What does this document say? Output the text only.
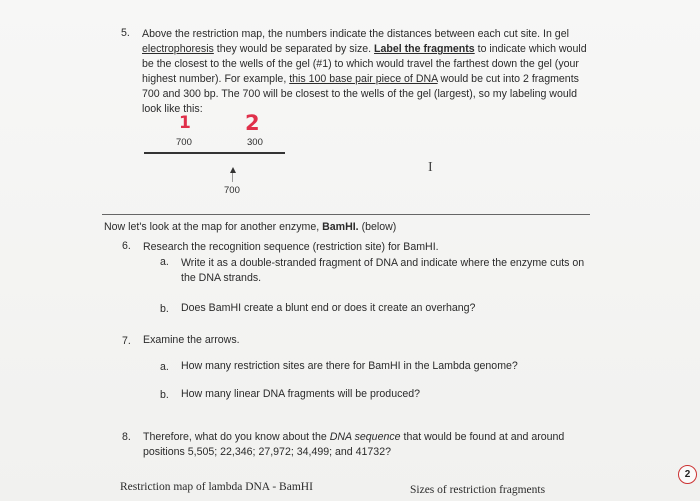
5. Above the restriction map, the numbers indicate the distances between each cut site. In gel
electrophoresis they would be separated by size. Label the fragments to indicate which would
be the closest to the wells of the gel (#1) to which would travel the farthest down the gel (your
highest number). For example, this 100 base pair piece of DNA would be cut into 2 fragments
700 and 300 bp. The 700 will be closest to the wells of the gel (largest), so my labeling would
look like this:
1	2
700	300
700
I
Now let's look at the map for another enzyme, BamHI. (below)
6. Research the recognition sequence (restriction site) for BamHI.
a. Write it as a double-stranded fragment of DNA and indicate where the enzyme cuts on
the DNA strands.
b. Does BamHI create a blunt end or does it create an overhang?
7. Examine the arrows.
a. How many restriction sites are there for BamHI in the Lambda genome?
b. How many linear DNA fragments will be produced?
8. Therefore, what do you know about the DNA sequence that would be found at and around
positions 5,505; 22,346; 27,972; 34,499; and 41732?
Restriction map of lambda DNA - BamHI	Sizes of restriction fragments
2
